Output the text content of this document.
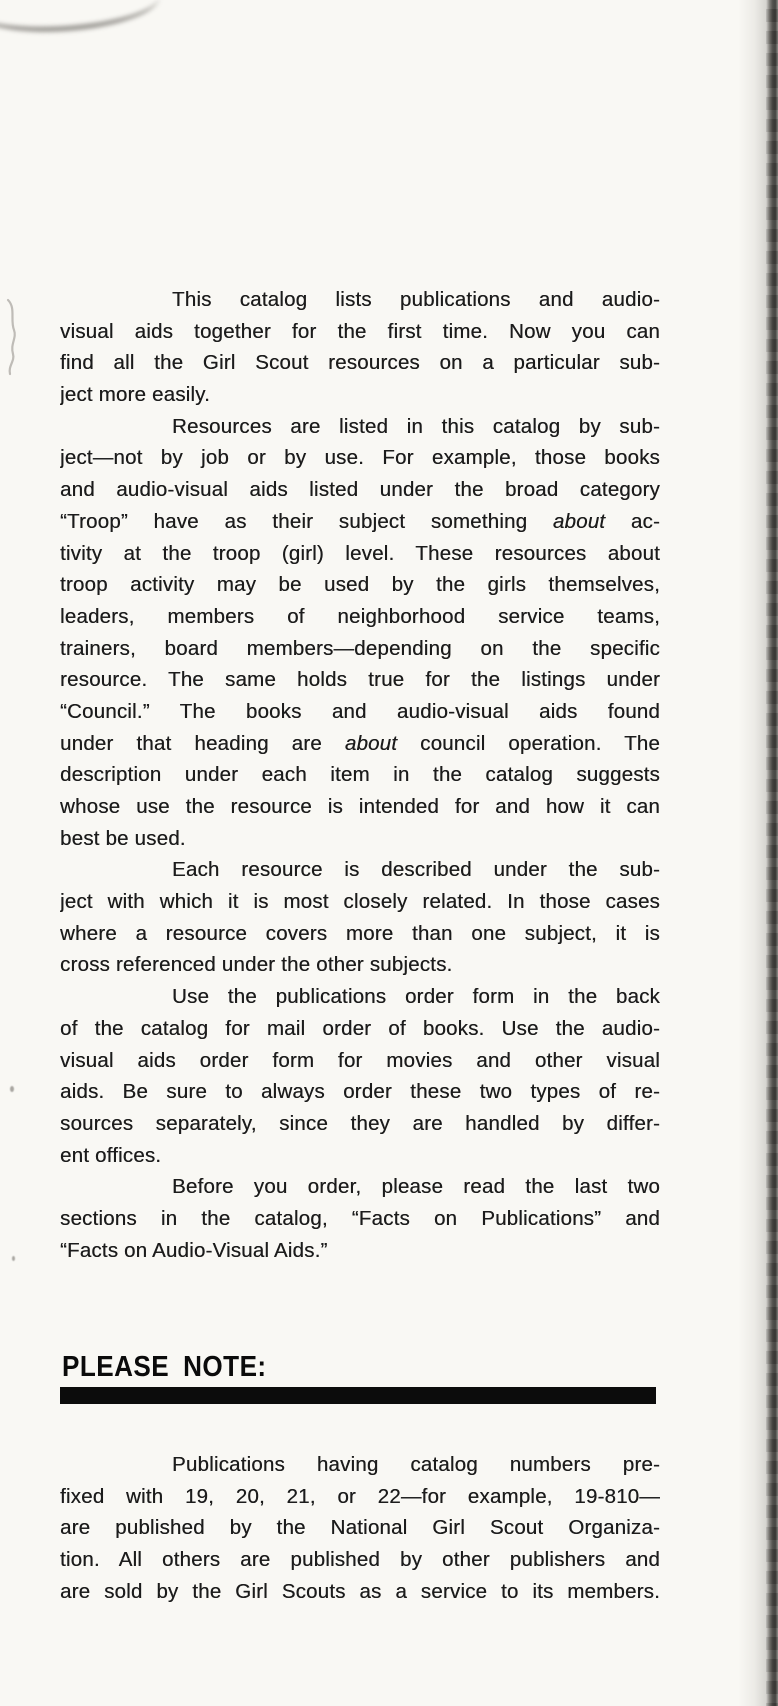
This catalog lists publications and audio-
visual aids together for the first time. Now you can
find all the Girl Scout resources on a particular sub-
ject more easily.
Resources are listed in this catalog by sub-
ject—not by job or by use. For example, those books
and audio-visual aids listed under the broad category
“Troop” have as their subject something about ac-
tivity at the troop (girl) level. These resources about
troop activity may be used by the girls themselves,
leaders, members of neighborhood service teams,
trainers, board members—depending on the specific
resource. The same holds true for the listings under
“Council.” The books and audio-visual aids found
under that heading are about council operation. The
description under each item in the catalog suggests
whose use the resource is intended for and how it can
best be used.
Each resource is described under the sub-
ject with which it is most closely related. In those cases
where a resource covers more than one subject, it is
cross referenced under the other subjects.
Use the publications order form in the back
of the catalog for mail order of books. Use the audio-
visual aids order form for movies and other visual
aids. Be sure to always order these two types of re-
sources separately, since they are handled by differ-
ent offices.
Before you order, please read the last two
sections in the catalog, “Facts on Publications” and
“Facts on Audio-Visual Aids.”
PLEASE NOTE:
Publications having catalog numbers pre-
fixed with 19, 20, 21, or 22—for example, 19-810—
are published by the National Girl Scout Organiza-
tion. All others are published by other publishers and
are sold by the Girl Scouts as a service to its members.
